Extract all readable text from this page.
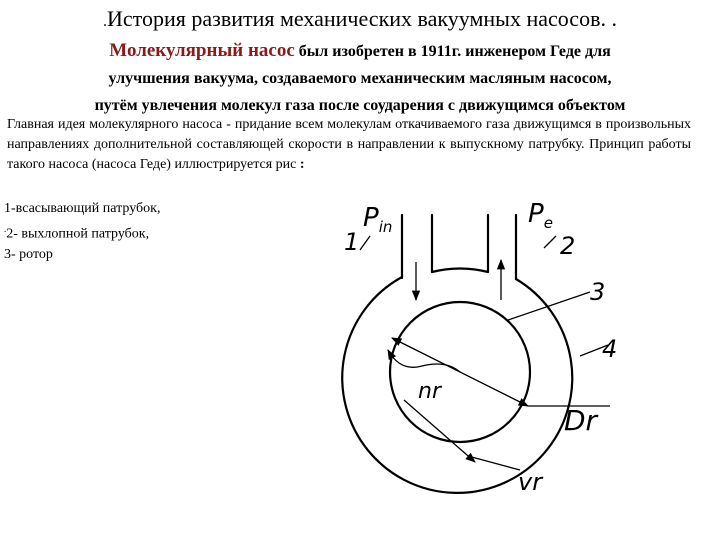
.История развития механических вакуумных насосов. .
Молекулярный насос был изобретен в 1911г. инженером Геде для
улучшения вакуума, создаваемого механическим масляным насосом,
путём увлечения молекул газа после соударения с движущимся объектом
Главная идея молекулярного насоса - придание всем молекулам откачиваемого газа движущимся в произвольных направлениях дополнительной составляющей скорости в направлении к выпускному патрубку. Принцип работы такого насоса (насоса Геде) иллюстрируется рис :
1-всасывающий патрубок,
.2- выхлопной патрубок,
3- ротор
$P_{in}$	$P_e$
1	2
3
4
nr
Dr
vr
